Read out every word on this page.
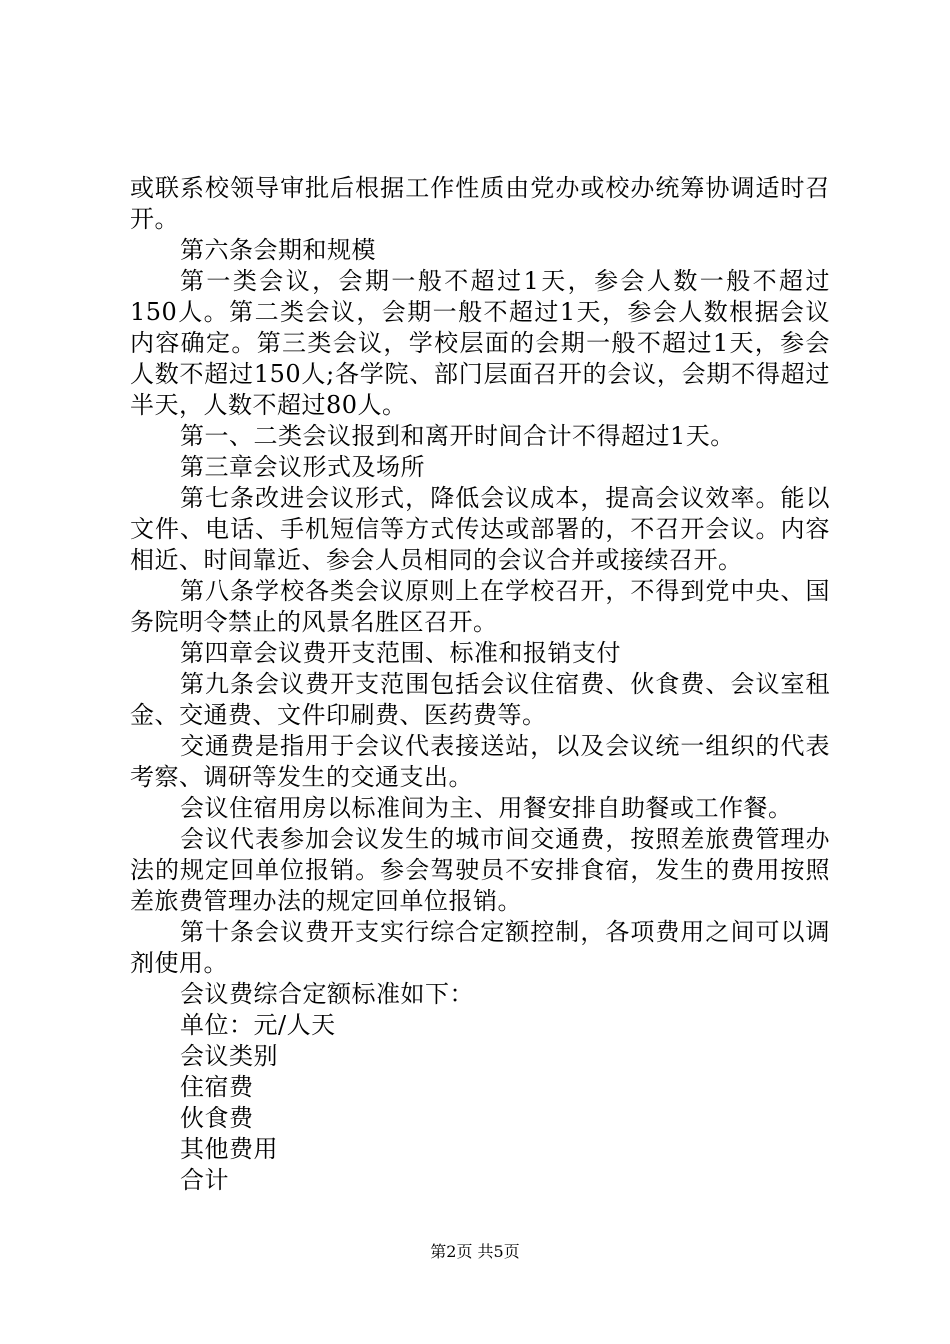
或联系校领导审批后根据工作性质由党办或校办统筹协调适时召开。

第六条会期和规模

第一类会议，会期一般不超过1天，参会人数一般不超过150人。第二类会议，会期一般不超过1天，参会人数根据会议内容确定。第三类会议，学校层面的会期一般不超过1天，参会人数不超过150人;各学院、部门层面召开的会议，会期不得超过半天，人数不超过80人。

第一、二类会议报到和离开时间合计不得超过1天。

第三章会议形式及场所

第七条改进会议形式，降低会议成本，提高会议效率。能以文件、电话、手机短信等方式传达或部署的，不召开会议。内容相近、时间靠近、参会人员相同的会议合并或接续召开。

第八条学校各类会议原则上在学校召开，不得到党中央、国务院明令禁止的风景名胜区召开。

第四章会议费开支范围、标准和报销支付

第九条会议费开支范围包括会议住宿费、伙食费、会议室租金、交通费、文件印刷费、医药费等。

交通费是指用于会议代表接送站，以及会议统一组织的代表考察、调研等发生的交通支出。

会议住宿用房以标准间为主、用餐安排自助餐或工作餐。

会议代表参加会议发生的城市间交通费，按照差旅费管理办法的规定回单位报销。参会驾驶员不安排食宿，发生的费用按照差旅费管理办法的规定回单位报销。

第十条会议费开支实行综合定额控制，各项费用之间可以调剂使用。

会议费综合定额标准如下：

单位：元/人天

会议类别

住宿费

伙食费

其他费用

合计

第2页 共5页
